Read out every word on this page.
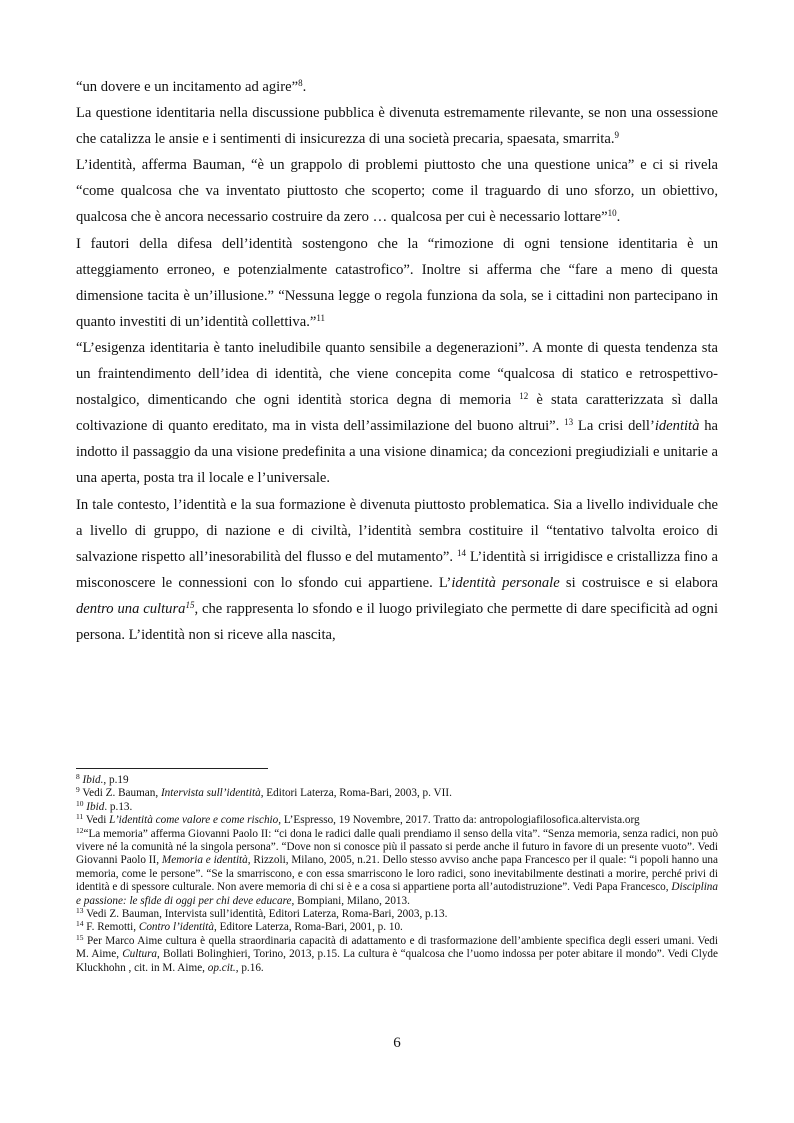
“un dovere e un incitamento ad agire”$^8$.

La questione identitaria nella discussione pubblica è divenuta estremamente rilevante, se non una ossessione che catalizza le ansie e i sentimenti di insicurezza di una società precaria, spaesata, smarrita.$^9$

L’identità, afferma Bauman, “è un grappolo di problemi piuttosto che una questione unica” e ci si rivela “come qualcosa che va inventato piuttosto che scoperto; come il traguardo di uno sforzo, un obiettivo, qualcosa che è ancora necessario costruire da zero … qualcosa per cui è necessario lottare”$^{10}$.

I fautori della difesa dell’identità sostengono che la “rimozione di ogni tensione identitaria è un atteggiamento erroneo, e potenzialmente catastrofico”. Inoltre si afferma che “fare a meno di questa dimensione tacita è un’illusione.” “Nessuna legge o regola funziona da sola, se i cittadini non partecipano in quanto investiti di un’identità collettiva.”$^{11}$

“L’esigenza identitaria è tanto ineludibile quanto sensibile a degenerazioni”. A monte di questa tendenza sta un fraintendimento dell’idea di identità, che viene concepita come “qualcosa di statico e retrospettivo-nostalgico, dimenticando che ogni identità storica degna di memoria $^{12}$ è stata caratterizzata sì dalla coltivazione di quanto ereditato, ma in vista dell’assimilazione del buono altrui”. $^{13}$ La crisi dell’identità ha indotto il passaggio da una visione predefinita a una visione dinamica; da concezioni pregiudiziali e unitarie a una aperta, posta tra il locale e l’universale.

In tale contesto, l’identità e la sua formazione è divenuta piuttosto problematica. Sia a livello individuale che a livello di gruppo, di nazione e di civiltà, l’identità sembra costituire il “tentativo talvolta eroico di salvazione rispetto all’inesorabilità del flusso e del mutamento”. $^{14}$ L’identità si irrigidisce e cristallizza fino a misconoscere le connessioni con lo sfondo cui appartiene. L’identità personale si costruisce e si elabora dentro una cultura$^{15}$, che rappresenta lo sfondo e il luogo privilegiato che permette di dare specificità ad ogni persona. L’identità non si riceve alla nascita,

$^8$ Ibid., p.19

$^9$ Vedi Z. Bauman, Intervista sull’identità, Editori Laterza, Roma-Bari, 2003, p. VII.

$^{10}$ Ibid. p.13.

$^{11}$ Vedi L’identità come valore e come rischio, L’Espresso, 19 Novembre, 2017. Tratto da: antropologiafilosofica.altervista.org

$^{12}$“La memoria” afferma Giovanni Paolo II: “ci dona le radici dalle quali prendiamo il senso della vita”. “Senza memoria, senza radici, non può vivere né la comunità né la singola persona”. “Dove non si conosce più il passato si perde anche il futuro in favore di un presente vuoto”. Vedi Giovanni Paolo II, Memoria e identità, Rizzoli, Milano, 2005, n.21. Dello stesso avviso anche papa Francesco per il quale: “i popoli hanno una memoria, come le persone”. “Se la smarriscono, e con essa smarriscono le loro radici, sono inevitabilmente destinati a morire, perché privi di identità e di spessore culturale. Non avere memoria di chi si è e a cosa si appartiene porta all’autodistruzione”. Vedi Papa Francesco, Disciplina e passione: le sfide di oggi per chi deve educare, Bompiani, Milano, 2013.

$^{13}$ Vedi Z. Bauman, Intervista sull’identità, Editori Laterza, Roma-Bari, 2003, p.13.

$^{14}$ F. Remotti, Contro l’identità, Editore Laterza, Roma-Bari, 2001, p. 10.

$^{15}$ Per Marco Aime cultura è quella straordinaria capacità di adattamento e di trasformazione dell’ambiente specifica degli esseri umani. Vedi M. Aime, Cultura, Bollati Bolinghieri, Torino, 2013, p.15. La cultura è “qualcosa che l’uomo indossa per poter abitare il mondo”. Vedi Clyde Kluckhohn , cit. in M. Aime, op.cit., p.16.

6
